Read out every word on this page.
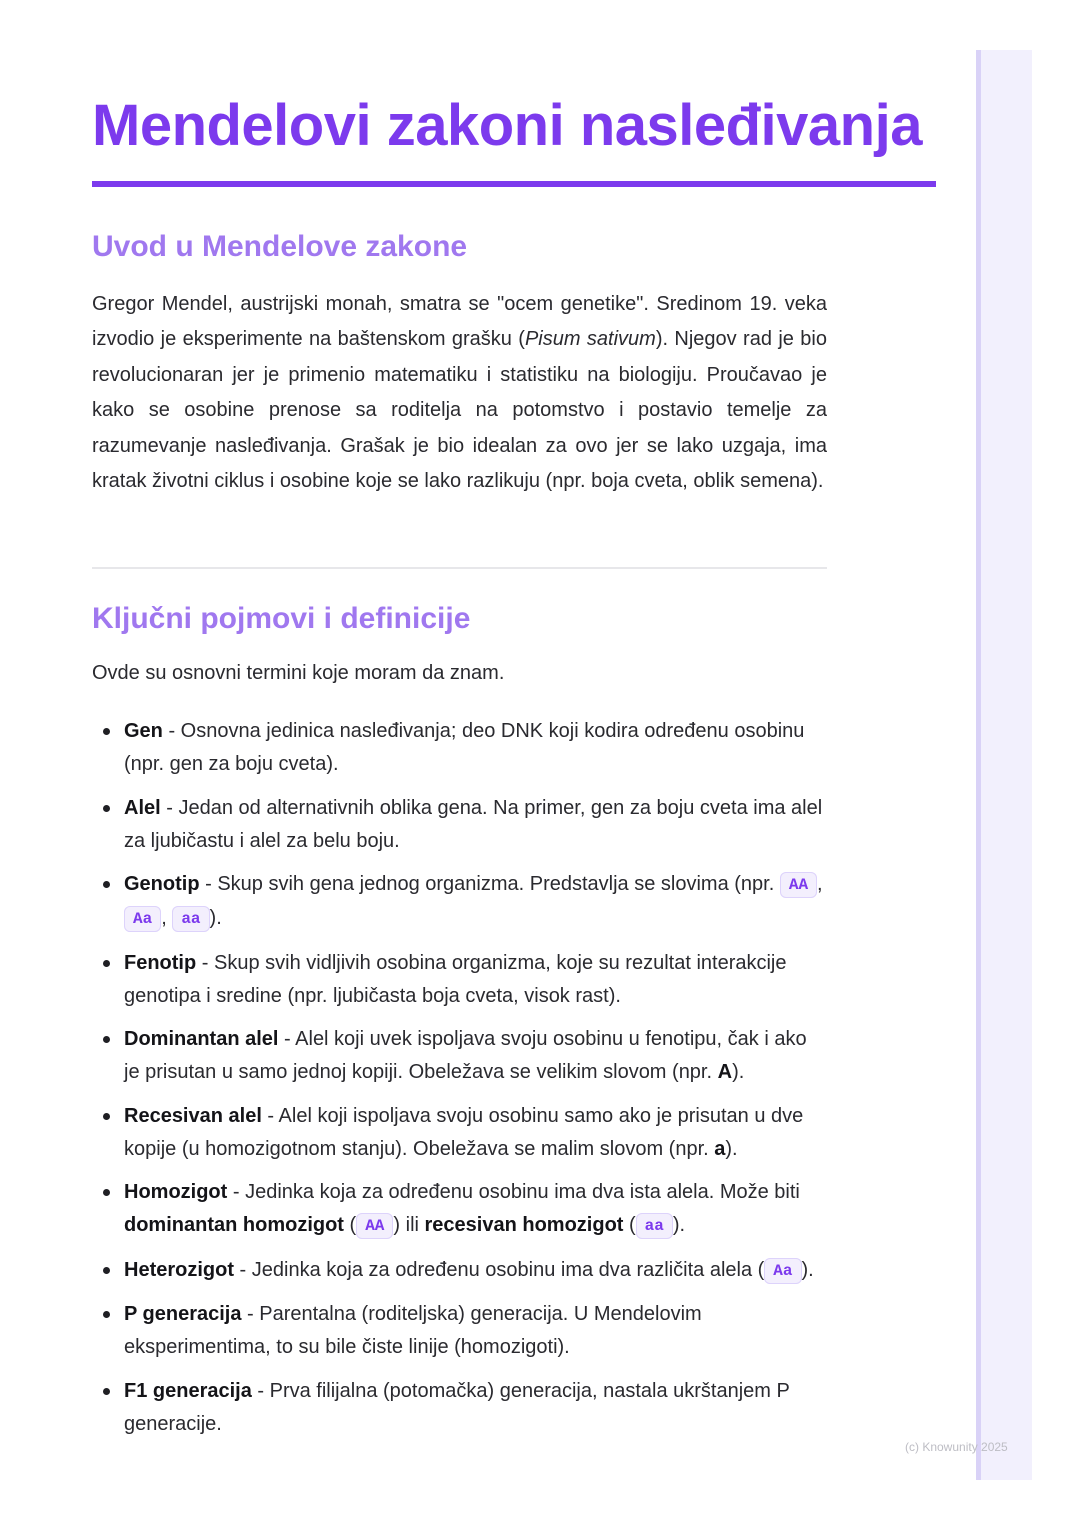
Mendelovi zakoni nasleđivanja
Uvod u Mendelove zakone

Gregor Mendel, austrijski monah, smatra se "ocem genetike". Sredinom 19. veka izvodio je eksperimente na baštenskom grašku (Pisum sativum). Njegov rad je bio revolucionaran jer je primenio matematiku i statistiku na biologiju. Proučavao je kako se osobine prenose sa roditelja na potomstvo i postavio temelje za razumevanje nasleđivanja. Grašak je bio idealan za ovo jer se lako uzgaja, ima kratak životni ciklus i osobine koje se lako razlikuju (npr. boja cveta, oblik semena).

Ključni pojmovi i definicije

Ovde su osnovni termini koje moram da znam.

Gen - Osnovna jedinica nasleđivanja; deo DNK koji kodira određenu osobinu (npr. gen za boju cveta).
Alel - Jedan od alternativnih oblika gena. Na primer, gen za boju cveta ima alel za ljubičastu i alel za belu boju.
Genotip - Skup svih gena jednog organizma. Predstavlja se slovima (npr. AA , Aa , aa ).
Fenotip - Skup svih vidljivih osobina organizma, koje su rezultat interakcije genotipa i sredine (npr. ljubičasta boja cveta, visok rast).
Dominantan alel - Alel koji uvek ispoljava svoju osobinu u fenotipu, čak i ako je prisutan u samo jednoj kopiji. Obeležava se velikim slovom (npr. A).
Recesivan alel - Alel koji ispoljava svoju osobinu samo ako je prisutan u dve kopije (u homozigotnom stanju). Obeležava se malim slovom (npr. a).
Homozigot - Jedinka koja za određenu osobinu ima dva ista alela. Može biti dominantan homozigot ( AA ) ili recesivan homozigot ( aa ).
Heterozigot - Jedinka koja za određenu osobinu ima dva različita alela ( Aa ).
P generacija - Parentalna (roditeljska) generacija. U Mendelovim eksperimentima, to su bile čiste linije (homozigoti).
F1 generacija - Prva filijalna (potomačka) generacija, nastala ukrštanjem P generacije.
(c) Knowunity 2025
